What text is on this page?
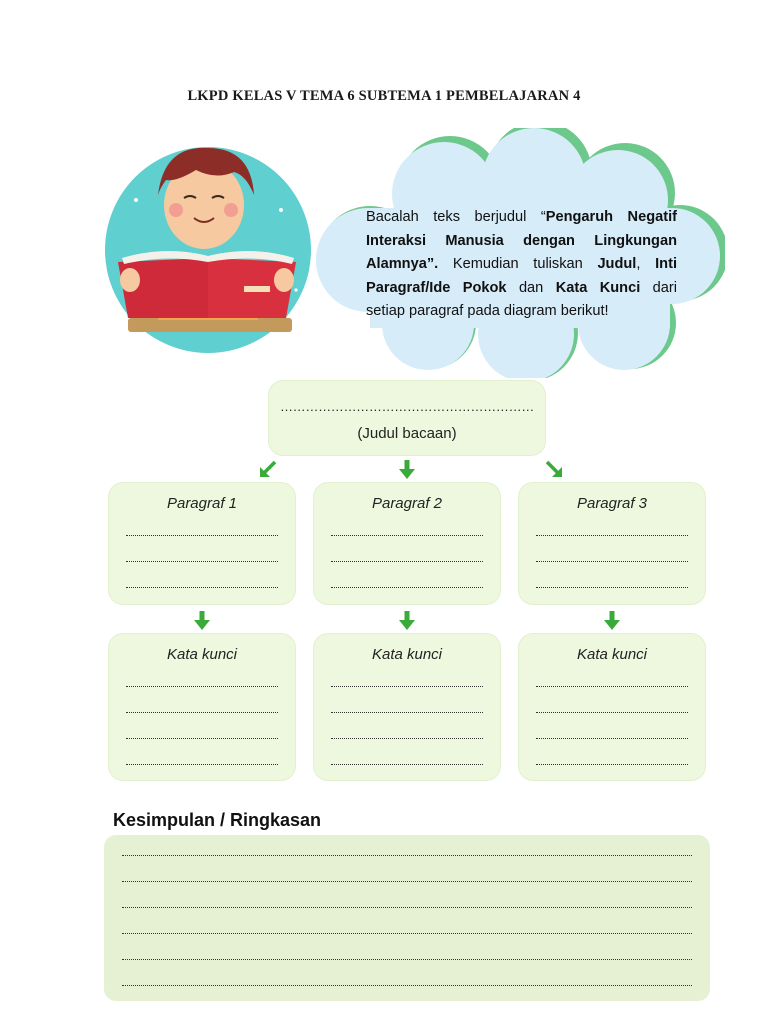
LKPD KELAS V TEMA 6 SUBTEMA 1 PEMBELAJARAN 4
Bacalah teks berjudul “Pengaruh Negatif Interaksi Manusia dengan Lingkungan Alamnya”. Kemudian tuliskan Judul, Inti Paragraf/Ide Pokok dan Kata Kunci dari setiap paragraf pada diagram berikut!
……………………………………………………
(Judul bacaan)
Paragraf 1	Paragraf 2	Paragraf 3
Kata kunci	Kata kunci	Kata kunci
Kesimpulan / Ringkasan
